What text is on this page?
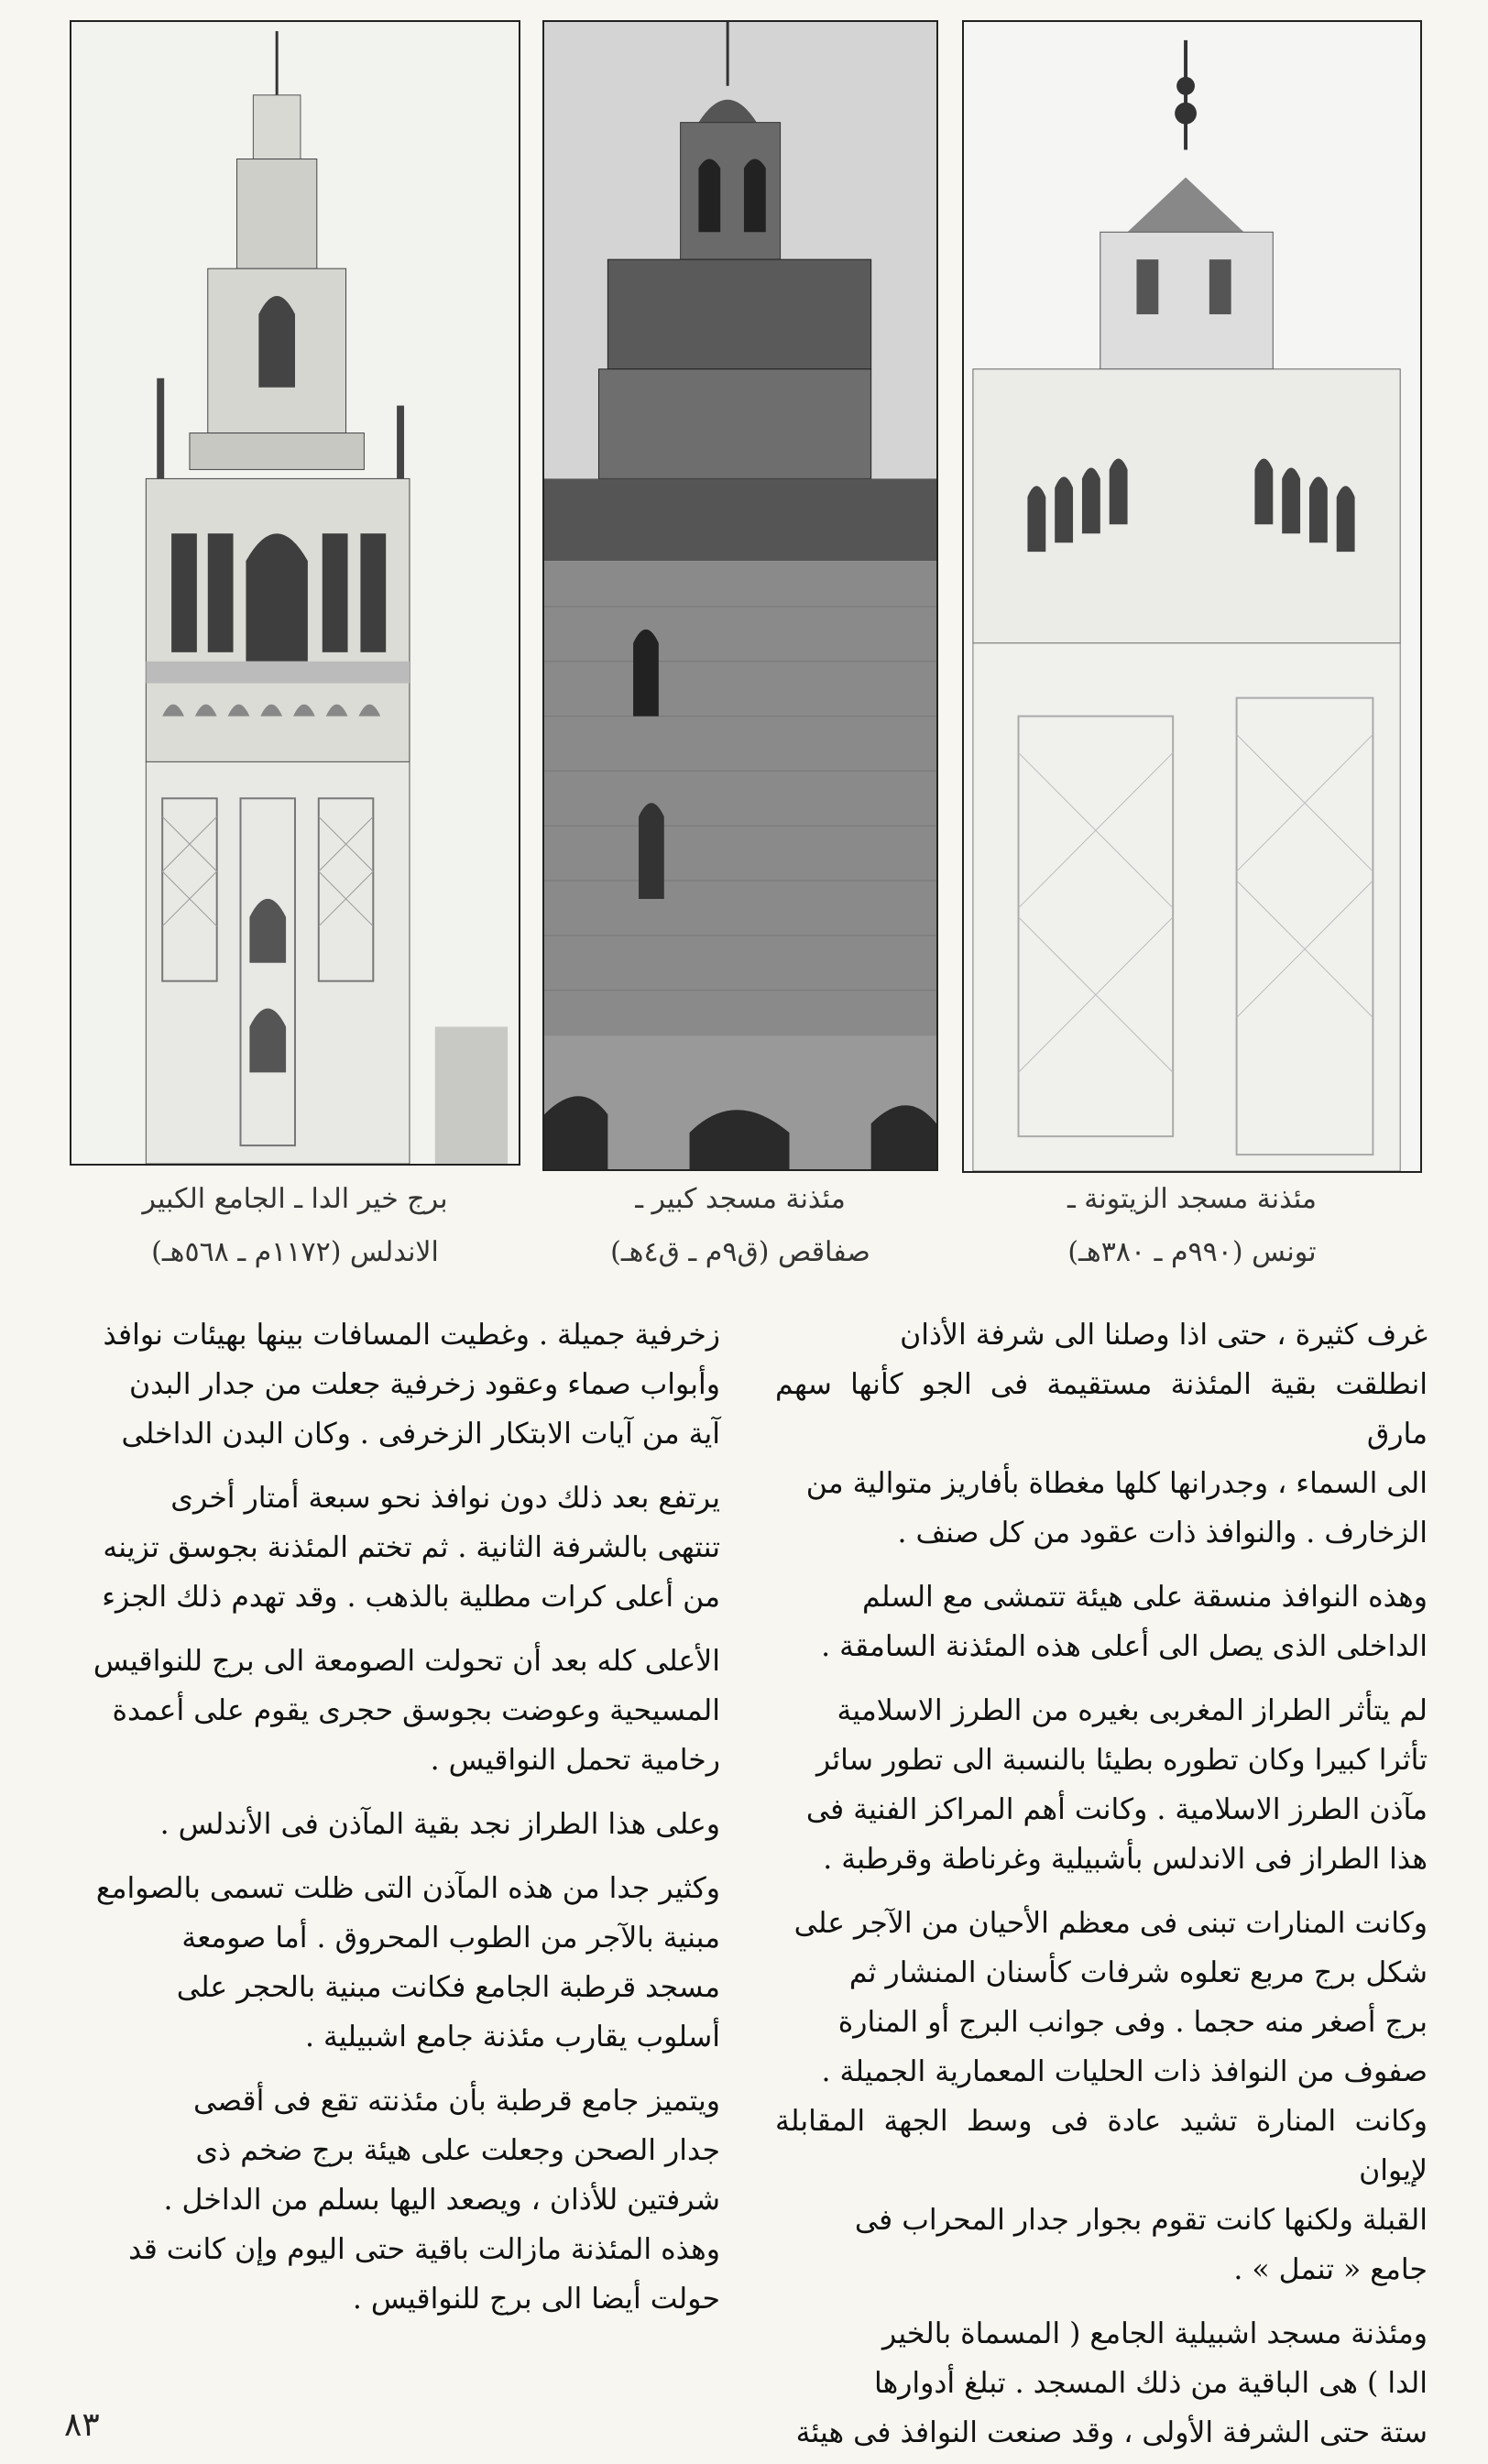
برج خير الدا ـ الجامع الكبير
الاندلس (١١٧٢م ـ ٥٦٨هـ)
مئذنة مسجد كبير ـ
صفاقص (ق٩م ـ ق٤هـ)
مئذنة مسجد الزيتونة ـ
تونس (٩٩٠م ـ ٣٨٠هـ)

غرف كثيرة ، حتى اذا وصلنا الى شرفة الأذان
انطلقت بقية المئذنة مستقيمة فى الجو كأنها سهم مارق
الى السماء ، وجدرانها كلها مغطاة بأفاريز متوالية من
الزخارف . والنوافذ ذات عقود من كل صنف .

وهذه النوافذ منسقة على هيئة تتمشى مع السلم
الداخلى الذى يصل الى أعلى هذه المئذنة السامقة .

لم يتأثر الطراز المغربى بغيره من الطرز الاسلامية
تأثرا كبيرا وكان تطوره بطيئا بالنسبة الى تطور سائر
مآذن الطرز الاسلامية . وكانت أهم المراكز الفنية فى
هذا الطراز فى الاندلس بأشبيلية وغرناطة وقرطبة .

وكانت المنارات تبنى فى معظم الأحيان من الآجر على
شكل برج مربع تعلوه شرفات كأسنان المنشار ثم
برج أصغر منه حجما . وفى جوانب البرج أو المنارة
صفوف من النوافذ ذات الحليات المعمارية الجميلة .
وكانت المنارة تشيد عادة فى وسط الجهة المقابلة لإيوان
القبلة ولكنها كانت تقوم بجوار جدار المحراب فى
جامع « تنمل » .

ومئذنة مسجد اشبيلية الجامع ( المسماة بالخير
الدا ) هى الباقية من ذلك المسجد . تبلغ أدوارها
ستة حتى الشرفة الأولى ، وقد صنعت النوافذ فى هيئة

زخرفية جميلة . وغطيت المسافات بينها بهيئات نوافذ
وأبواب صماء وعقود زخرفية جعلت من جدار البدن
آية من آيات الابتكار الزخرفى . وكان البدن الداخلى

يرتفع بعد ذلك دون نوافذ نحو سبعة أمتار أخرى
تنتهى بالشرفة الثانية . ثم تختم المئذنة بجوسق تزينه
من أعلى كرات مطلية بالذهب . وقد تهدم ذلك الجزء

الأعلى كله بعد أن تحولت الصومعة الى برج للنواقيس
المسيحية وعوضت بجوسق حجرى يقوم على أعمدة
رخامية تحمل النواقيس .

وعلى هذا الطراز نجد بقية المآذن فى الأندلس .

وكثير جدا من هذه المآذن التى ظلت تسمى بالصوامع
مبنية بالآجر من الطوب المحروق . أما صومعة
مسجد قرطبة الجامع فكانت مبنية بالحجر على
أسلوب يقارب مئذنة جامع اشبيلية .

ويتميز جامع قرطبة بأن مئذنته تقع فى أقصى
جدار الصحن وجعلت على هيئة برج ضخم ذى
شرفتين للأذان ، ويصعد اليها بسلم من الداخل .
وهذه المئذنة مازالت باقية حتى اليوم وإن كانت قد
حولت أيضا الى برج للنواقيس .

٨٣
